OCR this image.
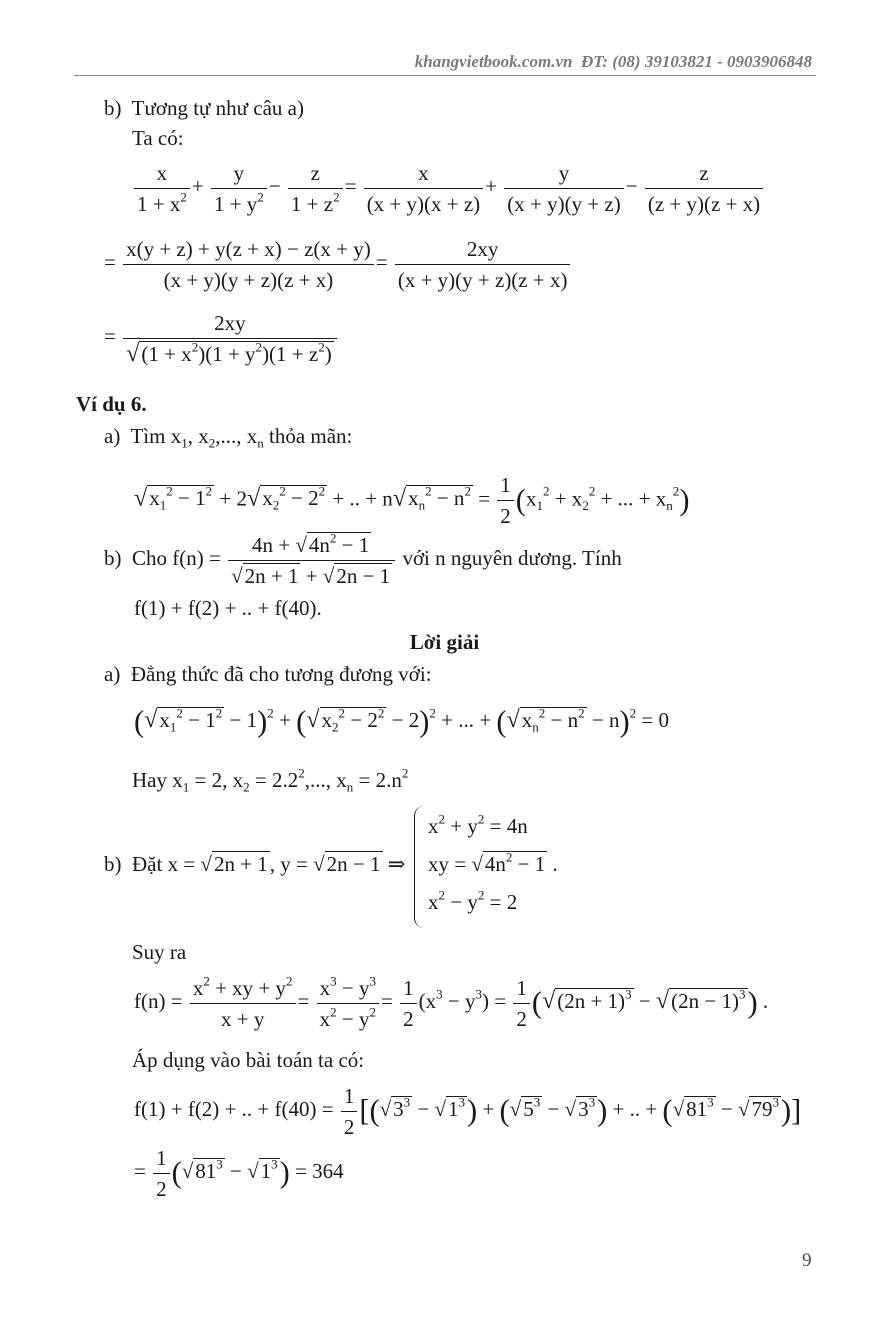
khangvietbook.com.vn ĐT: (08) 39103821 - 0903906848
b) Tương tự như câu a)
Ta có:
$\frac{x}{1 + x^2} + \frac{y}{1 + y^2} - \frac{z}{1 + z^2} = \frac{x}{(x + y)(x + z)} + \frac{y}{(x + y)(y + z)} - \frac{z}{(z + y)(z + x)}$
= $\frac{x(y + z) + y(z + x) - z(x + y)}{(x + y)(y + z)(z + x)} = \frac{2xy}{(x + y)(y + z)(z + x)}$
= $\frac{2xy}{√(1 + x^2)(1 + y^2)(1 + z^2)}$
Ví dụ 6.
a) Tìm $x_1$, $x_2$,..., $x_n$ thỏa mãn:
$√x_1^2 - 1^2 + 2√x_2^2 - 2^2$ + .. + $n√x_n^2 - n^2 = \frac{1}{2} (x_1^2 + x_2^2$ + ... + $x_n^2$)
b) Cho $f(n) = \frac{4n + √4n^2 - 1}{√2n + 1 + √2n - 1}$ với n nguyên dương. Tính
f(1) + f(2) + .. + f(40).
Lời giải
a) Đẳng thức đã cho tương đương với:
$(√x_1^2 - 1^2 - 1)^2 + (√x_2^2 - 2^2 - 2)^2$ + ... + $(√x_n^2 - n^2 - n)^2 = 0$
Hay $x_1 = 2$, $x_2 = 2.2^2$,..., $x_n = 2.n^2$
b) Đặt x = √2n + 1, y = √2n − 1 ⇒
$x^2 + y^2 = 4n$
xy = $√4n^2 - 1$ .
$x^2 - y^2 = 2$
Suy ra
$f(n) = \frac{x^2 + xy + y^2}{x + y} = \frac{x^3 - y^3}{x^2 - y^2} = \frac{1}{2} (x^3 - y^3) = \frac{1}{2} (√(2n + 1)^3 - √(2n - 1)^3)$ .
Áp dụng vào bài toán ta có:
f(1) + f(2) + .. + $f(40) = \frac{1}{2} [(√3^3 - √1^3) + (√5^3 - √3^3)$ + .. + $(√81^3 - √79^3)$]
= $\frac{1}{2} (√81^3 - √1^3) = 364$
9
